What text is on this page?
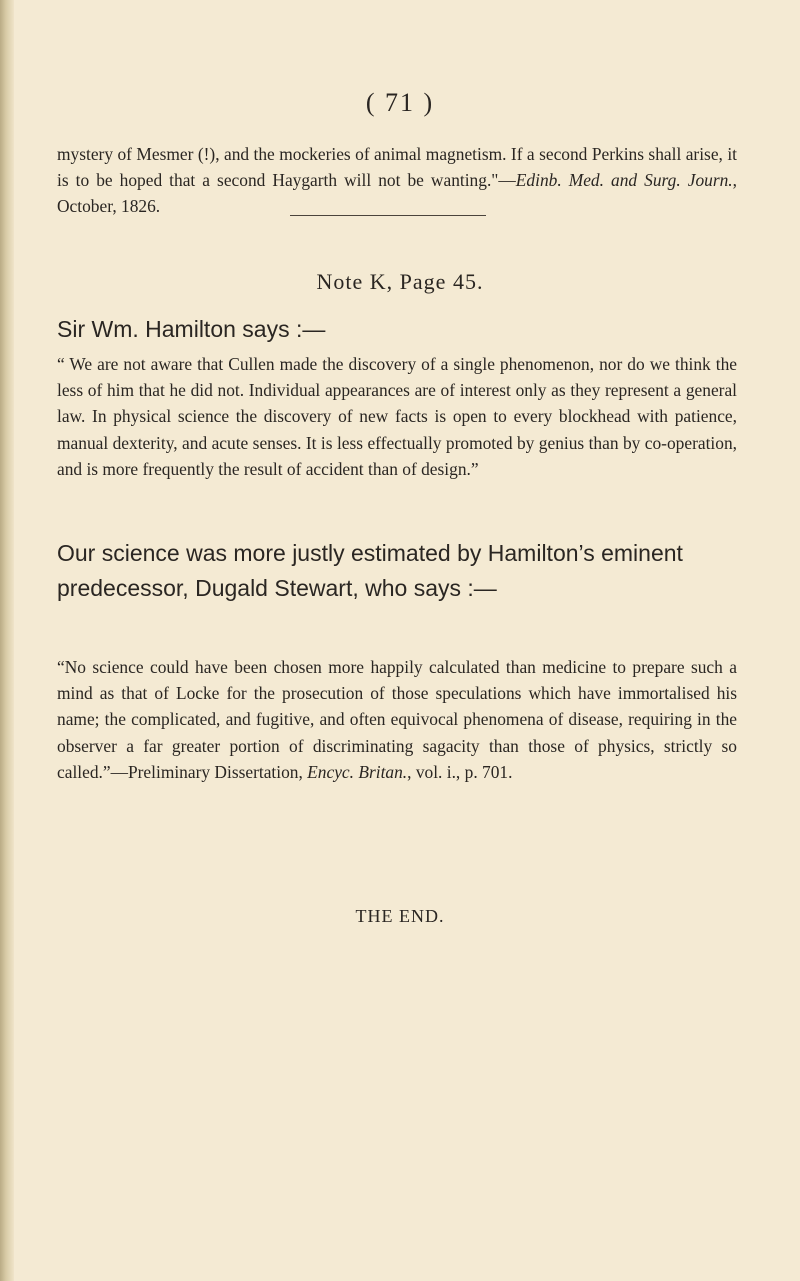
( 71 )

mystery of Mesmer (!), and the mockeries of animal magnetism. If a second Perkins shall arise, it is to be hoped that a second Haygarth will not be wanting."—Edinb. Med. and Surg. Journ., October, 1826.

Note K, Page 45.
Sir Wm. Hamilton says :—

“ We are not aware that Cullen made the discovery of a single phenomenon, nor do we think the less of him that he did not. Individual appearances are of interest only as they represent a general law. In physical science the discovery of new facts is open to every blockhead with patience, manual dexterity, and acute senses. It is less effectually promoted by genius than by co-operation, and is more frequently the result of accident than of design.”

Our science was more justly estimated by Hamilton’s eminent predecessor, Dugald Stewart, who says :—

“No science could have been chosen more happily calculated than medicine to prepare such a mind as that of Locke for the prosecution of those speculations which have immortalised his name; the complicated, and fugitive, and often equivocal phenomena of disease, requiring in the observer a far greater portion of discriminating sagacity than those of physics, strictly so called.”—Preliminary Dissertation, Encyc. Britan., vol. i., p. 701.

THE END.
